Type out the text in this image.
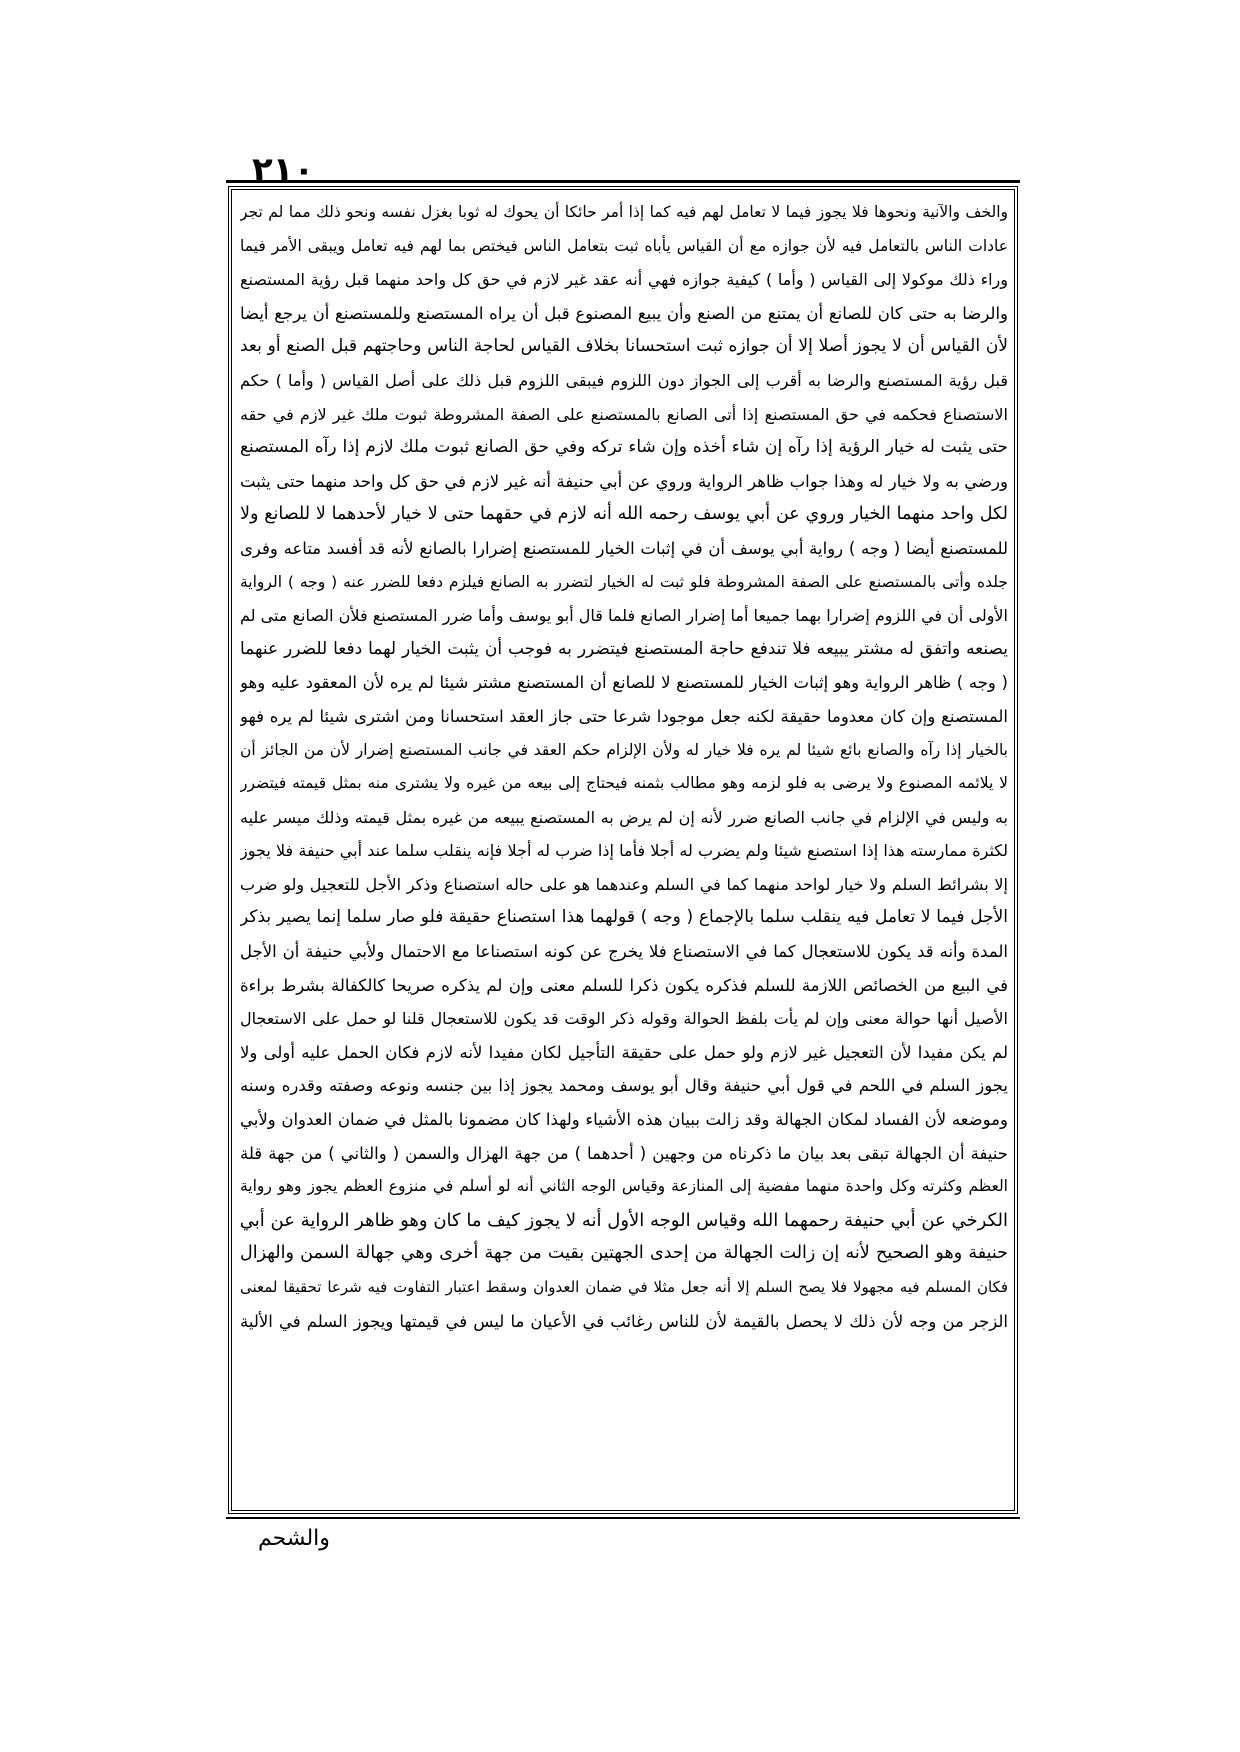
٢١٠
والخف والآنية ونحوها فلا يجوز فيما لا تعامل لهم فيه كما إذا أمر حائكا أن يحوك له ثوبا بغزل نفسه ونحو ذلك مما لم تجر
عادات الناس بالتعامل فيه لأن جوازه مع أن القياس يأباه ثبت بتعامل الناس فيختص بما لهم فيه تعامل ويبقى الأمر فيما
وراء ذلك موكولا إلى القياس ( وأما ) كيفية جوازه فهي أنه عقد غير لازم في حق كل واحد منهما قبل رؤية المستصنع
والرضا به حتى كان للصانع أن يمتنع من الصنع وأن يبيع المصنوع قبل أن يراه المستصنع وللمستصنع أن يرجع أيضا
لأن القياس أن لا يجوز أصلا إلا أن جوازه ثبت استحسانا بخلاف القياس لحاجة الناس وحاجتهم قبل الصنع أو بعد
قبل رؤية المستصنع والرضا به أقرب إلى الجواز دون اللزوم فيبقى اللزوم قبل ذلك على أصل القياس ( وأما ) حكم
الاستصناع فحكمه في حق المستصنع إذا أتى الصانع بالمستصنع على الصفة المشروطة ثبوت ملك غير لازم في حقه
حتى يثبت له خيار الرؤية إذا رآه إن شاء أخذه وإن شاء تركه وفي حق الصانع ثبوت ملك لازم إذا رآه المستصنع
ورضي به ولا خيار له وهذا جواب ظاهر الرواية وروي عن أبي حنيفة أنه غير لازم في حق كل واحد منهما حتى يثبت
لكل واحد منهما الخيار وروي عن أبي يوسف رحمه الله أنه لازم في حقهما حتى لا خيار لأحدهما لا للصانع ولا
للمستصنع أيضا ( وجه ) رواية أبي يوسف أن في إثبات الخيار للمستصنع إضرارا بالصانع لأنه قد أفسد متاعه وفرى
جلده وأتى بالمستصنع على الصفة المشروطة فلو ثبت له الخيار لتضرر به الصانع فيلزم دفعا للضرر عنه ( وجه ) الرواية
الأولى أن في اللزوم إضرارا بهما جميعا أما إضرار الصانع فلما قال أبو يوسف وأما ضرر المستصنع فلأن الصانع متى لم
يصنعه واتفق له مشتر يبيعه فلا تندفع حاجة المستصنع فيتضرر به فوجب أن يثبت الخيار لهما دفعا للضرر عنهما
( وجه ) ظاهر الرواية وهو إثبات الخيار للمستصنع لا للصانع أن المستصنع مشتر شيئا لم يره لأن المعقود عليه وهو
المستصنع وإن كان معدوما حقيقة لكنه جعل موجودا شرعا حتى جاز العقد استحسانا ومن اشترى شيئا لم يره فهو
بالخيار إذا رآه والصانع بائع شيئا لم يره فلا خيار له ولأن الإلزام حكم العقد في جانب المستصنع إضرار لأن من الجائز أن
لا يلائمه المصنوع ولا يرضى به فلو لزمه وهو مطالب بثمنه فيحتاج إلى بيعه من غيره ولا يشترى منه بمثل قيمته فيتضرر
به وليس في الإلزام في جانب الصانع ضرر لأنه إن لم يرض به المستصنع يبيعه من غيره بمثل قيمته وذلك ميسر عليه
لكثرة ممارسته هذا إذا استصنع شيئا ولم يضرب له أجلا فأما إذا ضرب له أجلا فإنه ينقلب سلما عند أبي حنيفة فلا يجوز
إلا بشرائط السلم ولا خيار لواحد منهما كما في السلم وعندهما هو على حاله استصناع وذكر الأجل للتعجيل ولو ضرب
الأجل فيما لا تعامل فيه ينقلب سلما بالإجماع ( وجه ) قولهما هذا استصناع حقيقة فلو صار سلما إنما يصير بذكر
المدة وأنه قد يكون للاستعجال كما في الاستصناع فلا يخرج عن كونه استصناعا مع الاحتمال ولأبي حنيفة أن الأجل
في البيع من الخصائص اللازمة للسلم فذكره يكون ذكرا للسلم معنى وإن لم يذكره صريحا كالكفالة بشرط براءة
الأصيل أنها حوالة معنى وإن لم يأت بلفظ الحوالة وقوله ذكر الوقت قد يكون للاستعجال قلنا لو حمل على الاستعجال
لم يكن مفيدا لأن التعجيل غير لازم ولو حمل على حقيقة التأجيل لكان مفيدا لأنه لازم فكان الحمل عليه أولى ولا
يجوز السلم في اللحم في قول أبي حنيفة وقال أبو يوسف ومحمد يجوز إذا بين جنسه ونوعه وصفته وقدره وسنه
وموضعه لأن الفساد لمكان الجهالة وقد زالت ببيان هذه الأشياء ولهذا كان مضمونا بالمثل في ضمان العدوان ولأبي
حنيفة أن الجهالة تبقى بعد بيان ما ذكرناه من وجهين ( أحدهما ) من جهة الهزال والسمن ( والثاني ) من جهة قلة
العظم وكثرته وكل واحدة منهما مفضية إلى المنازعة وقياس الوجه الثاني أنه لو أسلم في منزوع العظم يجوز وهو رواية
الكرخي عن أبي حنيفة رحمهما الله وقياس الوجه الأول أنه لا يجوز كيف ما كان وهو ظاهر الرواية عن أبي
حنيفة وهو الصحيح لأنه إن زالت الجهالة من إحدى الجهتين بقيت من جهة أخرى وهي جهالة السمن والهزال
فكان المسلم فيه مجهولا فلا يصح السلم إلا أنه جعل مثلا في ضمان العدوان وسقط اعتبار التفاوت فيه شرعا تحقيقا لمعنى
الزجر من وجه لأن ذلك لا يحصل بالقيمة لأن للناس رغائب في الأعيان ما ليس في قيمتها ويجوز السلم في الألية
والشحم
